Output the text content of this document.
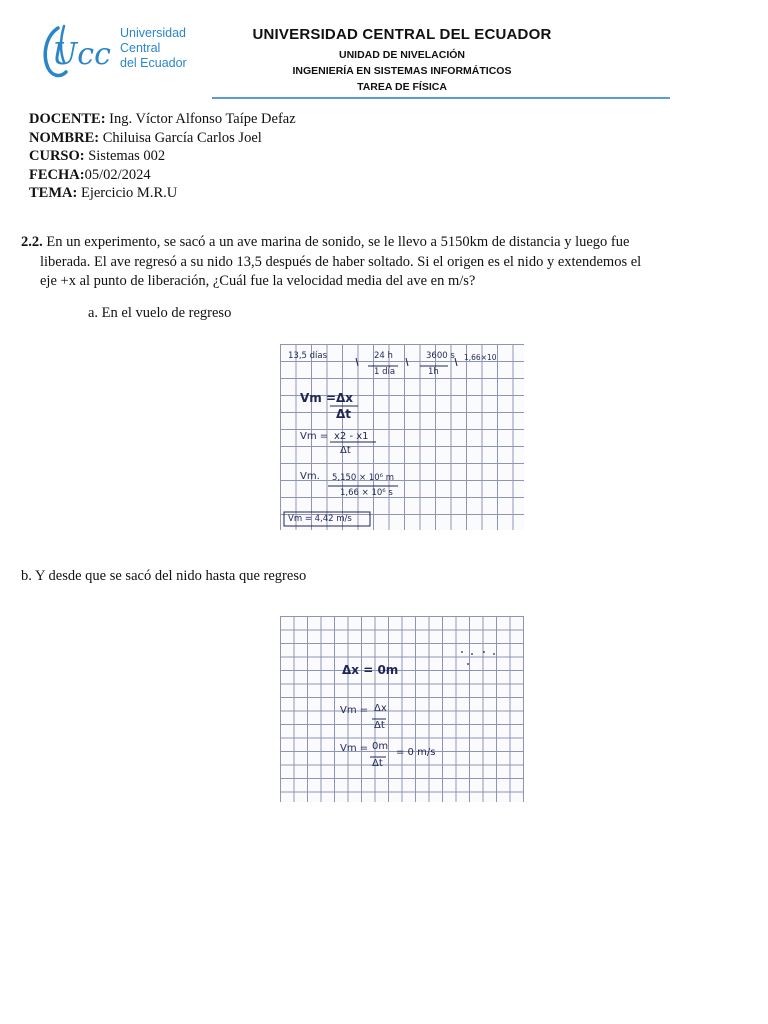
Ucc
Universidad
Central
del Ecuador
UNIVERSIDAD CENTRAL DEL ECUADOR
UNIDAD DE NIVELACIÓN
INGENIERÍA EN SISTEMAS INFORMÁTICOS
TAREA DE FÍSICA
DOCENTE: Ing. Víctor Alfonso Taípe Defaz
NOMBRE: Chiluisa García Carlos Joel
CURSO: Sistemas 002
FECHA:05/02/2024
TEMA: Ejercicio M.R.U
2.2. En un experimento, se sacó a un ave marina de sonido, se le llevo a 5150km de distancia y luego fue
liberada. El ave regresó a su nido 13,5 después de haber soltado. Si el origen es el nido y extendemos el
eje +x al punto de liberación, ¿Cuál fue la velocidad media del ave en m/s?
a. En el vuelo de regreso
13,5 días	24 h
1 día
3600 s
1h
1,66×10
Vm = Δx
Δt
Vm = x2 - x1
Δt
Vm. 5,150 × 10⁶ m
1,66 × 10⁶ s
Vm = 4,42 m/s
b. Y desde que se sacó del nido hasta que regreso
Δx = 0m
Vm = Δx
Δt
Vm = 0m
Δt
= 0 m/s
